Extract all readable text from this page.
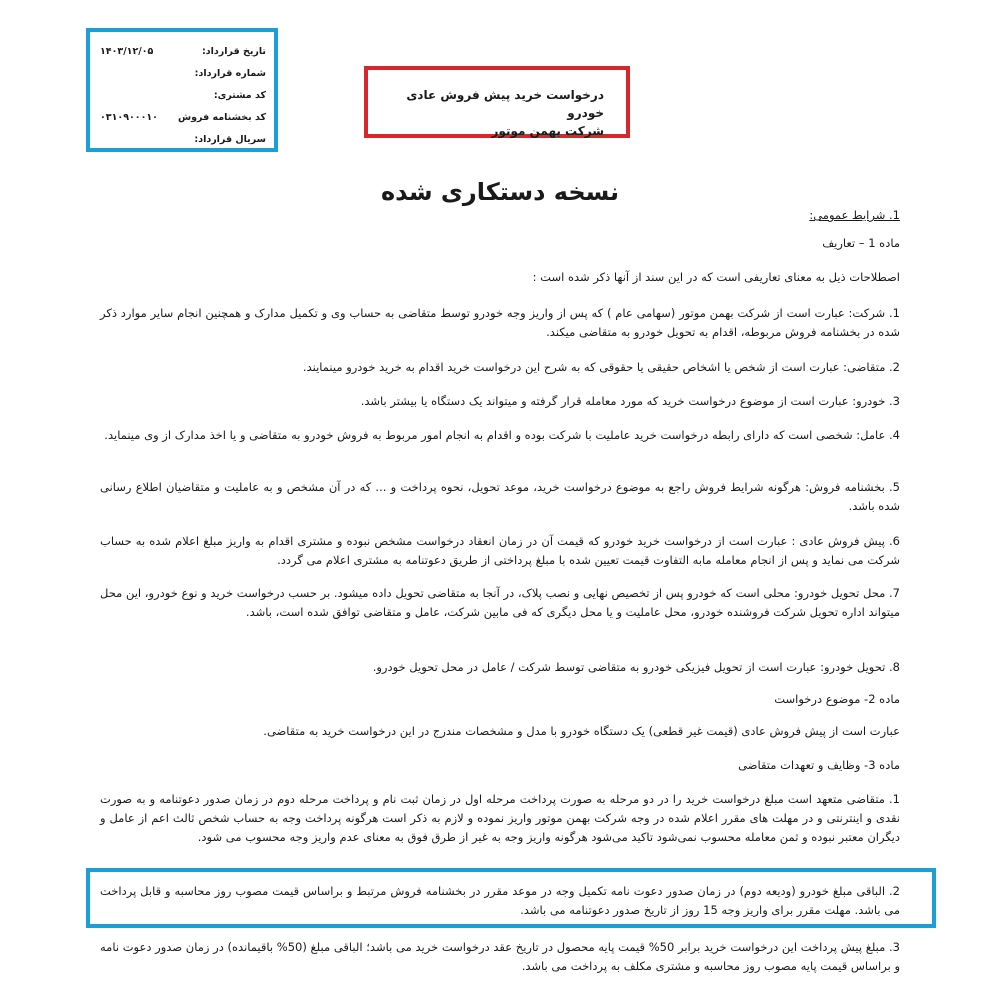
تاریخ قرارداد:
۱۴۰۳/۱۲/۰۵
شماره قرارداد:
کد مشتری:
کد بخشنامه فروش
۰۳۱۰۹۰۰۰۱۰
سریال قرارداد:
درخواست خرید پیش فروش عادی خودرو
شرکت بهمن موتور
نسخه دستکاری شده
1. شرایط عمومی:
ماده 1 – تعاریف
اصطلاحات ذیل به معنای تعاریفی است که در این سند از آنها ذکر شده است :
1. شرکت: عبارت است از شرکت بهمن موتور (سهامی عام ) که پس از واریز وجه خودرو توسط متقاضی به حساب وی و تکمیل مدارک و همچنین انجام سایر موارد ذکر شده در بخشنامه فروش مربوطه، اقدام به تحویل خودرو به متقاضی میکند.
2. متقاضی: عبارت است از شخص یا اشخاص حقیقی یا حقوقی که به شرح این درخواست خرید اقدام به خرید خودرو مینمایند.
3. خودرو: عبارت است از موضوع درخواست خرید که مورد معامله قرار گرفته و میتواند یک دستگاه یا بیشتر باشد.
4. عامل: شخصی است که دارای رابطه درخواست خرید عاملیت با شرکت بوده و اقدام به انجام امور مربوط به فروش خودرو به متقاضی و یا اخذ مدارک از وی مینماید.
5. بخشنامه فروش: هرگونه شرایط فروش راجع به موضوع درخواست خرید، موعد تحویل، نحوه پرداخت و ... که در آن مشخص و به عاملیت و متقاضیان اطلاع رسانی شده باشد.
6. پیش فروش عادی : عبارت است از درخواست خرید خودرو که قیمت آن در زمان انعقاد درخواست مشخص نبوده و مشتری اقدام به واریز مبلغ اعلام شده به حساب شرکت می نماید و پس از انجام معامله مابه التفاوت قیمت تعیین شده با مبلغ پرداختی از طریق دعوتنامه به مشتری اعلام می گردد.
7. محل تحویل خودرو: محلی است که خودرو پس از تخصیص نهایی و نصب پلاک، در آنجا به متقاضی تحویل داده میشود. بر حسب درخواست خرید و نوع خودرو، این محل میتواند اداره تحویل شرکت فروشنده خودرو، محل عاملیت و یا محل دیگری که فی مابین شرکت، عامل و متقاضی توافق شده است، باشد.
8. تحویل خودرو: عبارت است از تحویل فیزیکی خودرو به متقاضی توسط شرکت / عامل در محل تحویل خودرو.
ماده 2- موضوع درخواست
عبارت است از پیش فروش عادی (قیمت غیر قطعی) یک دستگاه خودرو با مدل و مشخصات مندرج در این درخواست خرید به متقاضی.
ماده 3- وظایف و تعهدات متقاضی
1. متقاضی متعهد است مبلغ درخواست خرید را در دو مرحله به صورت پرداخت مرحله اول در زمان ثبت نام و پرداخت مرحله دوم در زمان صدور دعوتنامه و به صورت نقدی و اینترنتی و در مهلت های مقرر اعلام شده در وجه شرکت بهمن موتور واریز نموده و لازم به ذکر است هرگونه پرداخت وجه به حساب شخص ثالث اعم از عامل و دیگران معتبر نبوده و ثمن معامله محسوب نمی‌شود تاکید می‌شود هرگونه واریز وجه به غیر از طرق فوق به معنای عدم واریز وجه محسوب می شود.
2. الباقی مبلغ خودرو (ودیعه دوم) در زمان صدور دعوت نامه تکمیل وجه در موعد مقرر در بخشنامه فروش مرتبط و براساس قیمت مصوب روز محاسبه و قابل پرداخت می باشد. مهلت مقرر برای واریز وجه 15 روز از تاریخ صدور دعوتنامه می باشد.
3. مبلغ پیش پرداخت این درخواست خرید برابر 50% قیمت پایه محصول در تاریخ عقد درخواست خرید می باشد؛ الباقی مبلغ (50% باقیمانده) در زمان صدور دعوت نامه و براساس قیمت پایه مصوب روز محاسبه و مشتری مکلف به پرداخت می باشد.
